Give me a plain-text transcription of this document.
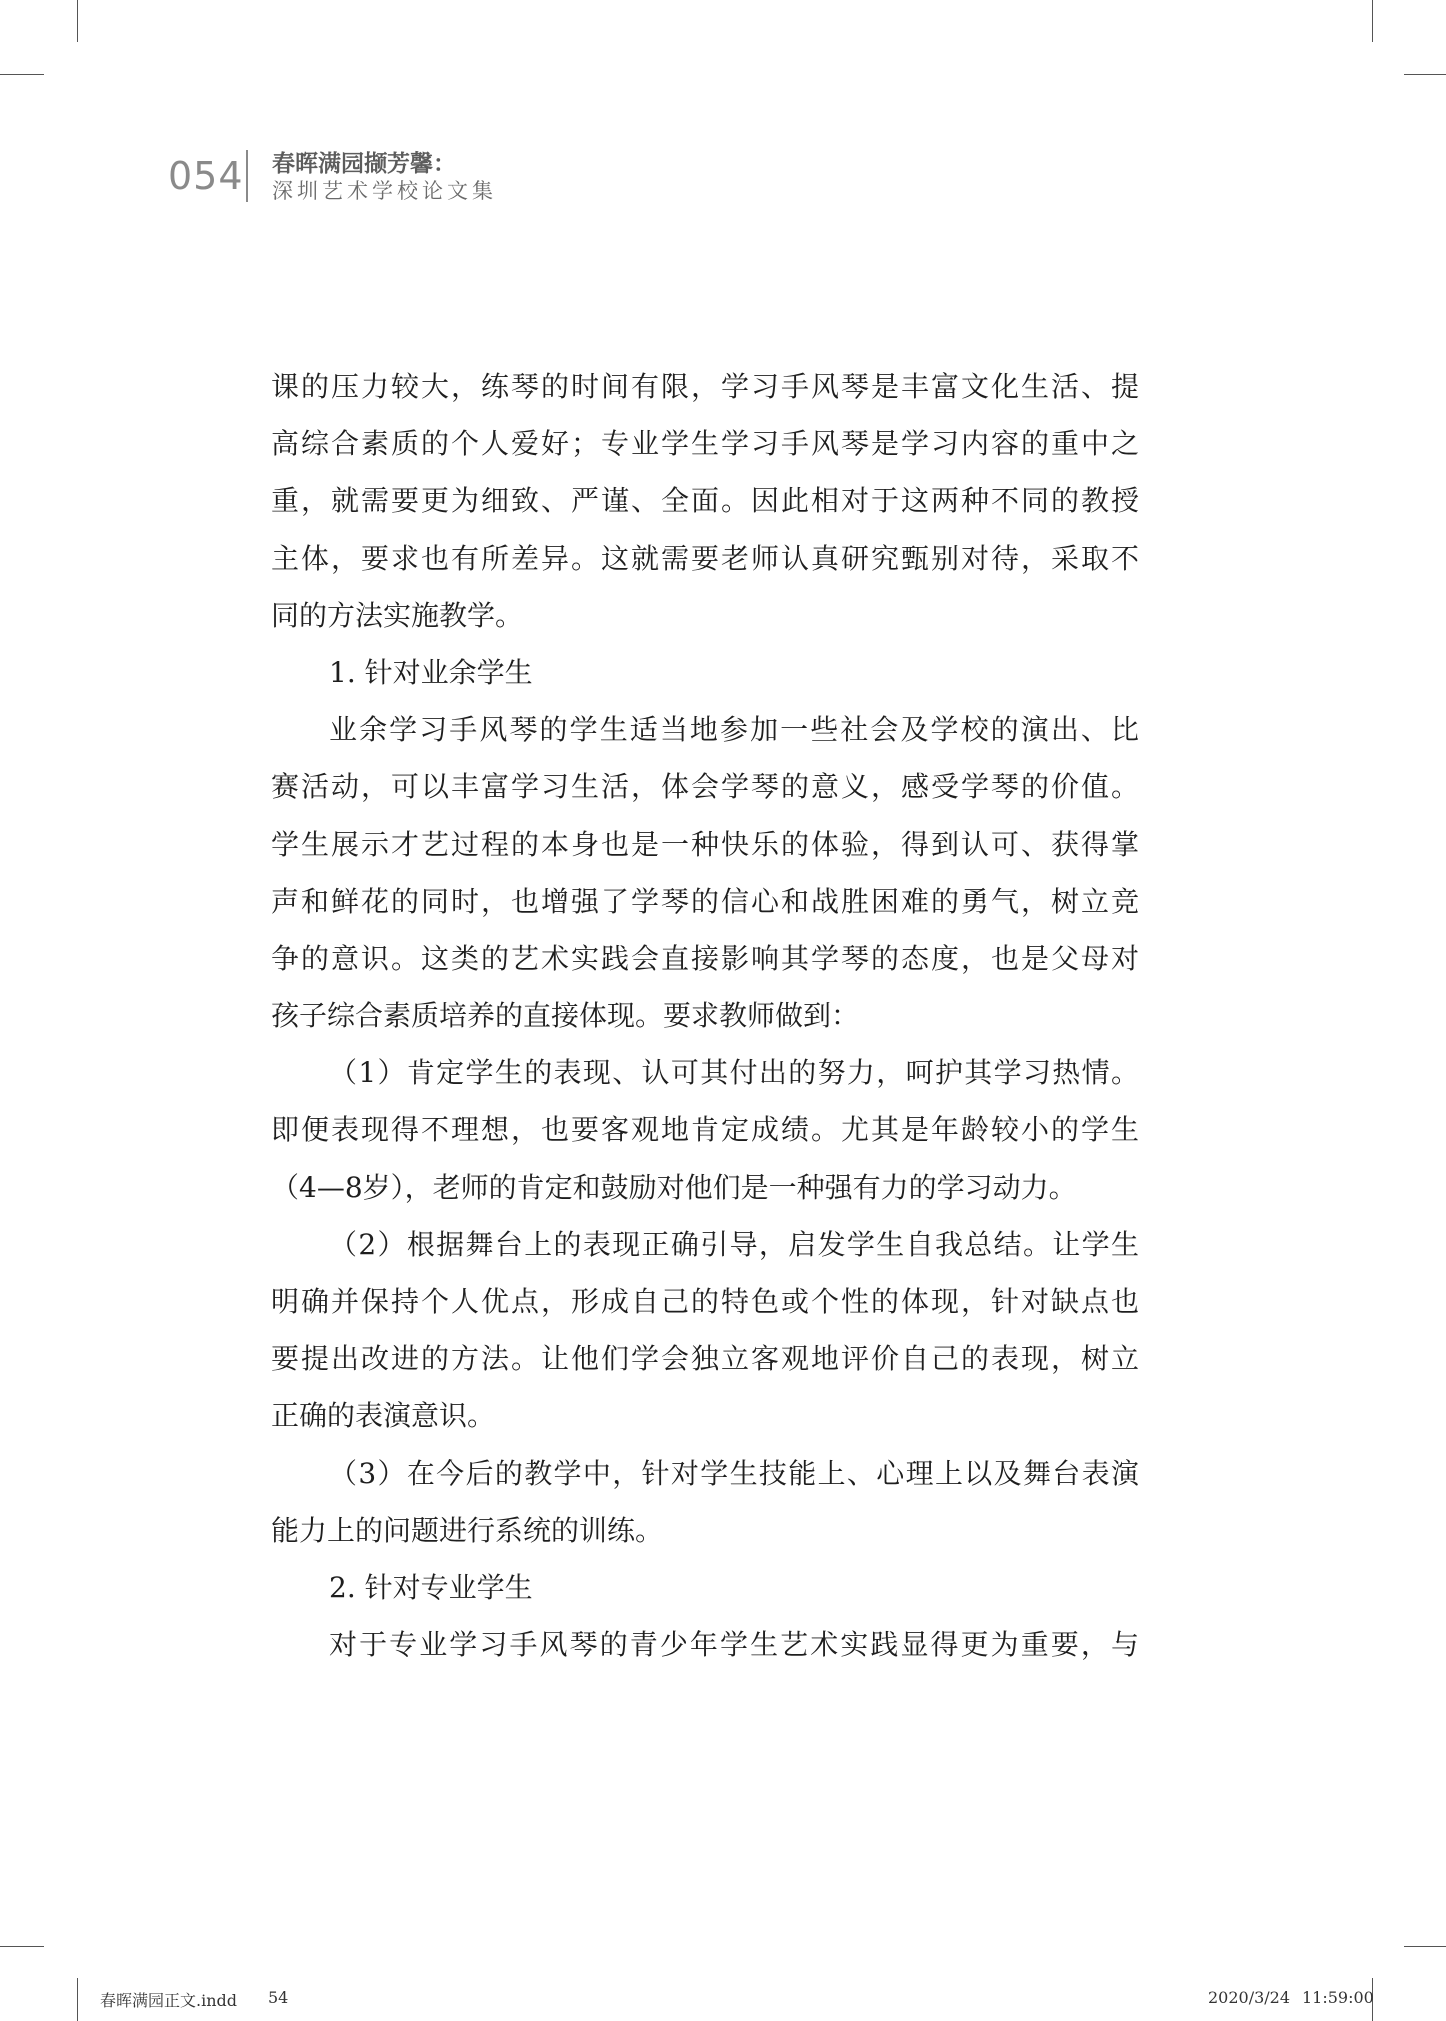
054 春晖满园撷芳馨：
深圳艺术学校论文集
课的压力较大，练琴的时间有限，学习手风琴是丰富文化生活、提
高综合素质的个人爱好；专业学生学习手风琴是学习内容的重中之
重，就需要更为细致、严谨、全面。因此相对于这两种不同的教授
主体，要求也有所差异。这就需要老师认真研究甄别对待，采取不
同的方法实施教学。
1. 针对业余学生
业余学习手风琴的学生适当地参加一些社会及学校的演出、比
赛活动，可以丰富学习生活，体会学琴的意义，感受学琴的价值。
学生展示才艺过程的本身也是一种快乐的体验，得到认可、获得掌
声和鲜花的同时，也增强了学琴的信心和战胜困难的勇气，树立竞
争的意识。这类的艺术实践会直接影响其学琴的态度，也是父母对
孩子综合素质培养的直接体现。要求教师做到：
（1）肯定学生的表现、认可其付出的努力，呵护其学习热情。
即便表现得不理想，也要客观地肯定成绩。尤其是年龄较小的学生
（4—8岁），老师的肯定和鼓励对他们是一种强有力的学习动力。
（2）根据舞台上的表现正确引导，启发学生自我总结。让学生
明确并保持个人优点，形成自己的特色或个性的体现，针对缺点也
要提出改进的方法。让他们学会独立客观地评价自己的表现，树立
正确的表演意识。
（3）在今后的教学中，针对学生技能上、心理上以及舞台表演
能力上的问题进行系统的训练。
2. 针对专业学生
对于专业学习手风琴的青少年学生艺术实践显得更为重要，与
春晖满园正文.indd 54	2020/3/24 11:59:00
